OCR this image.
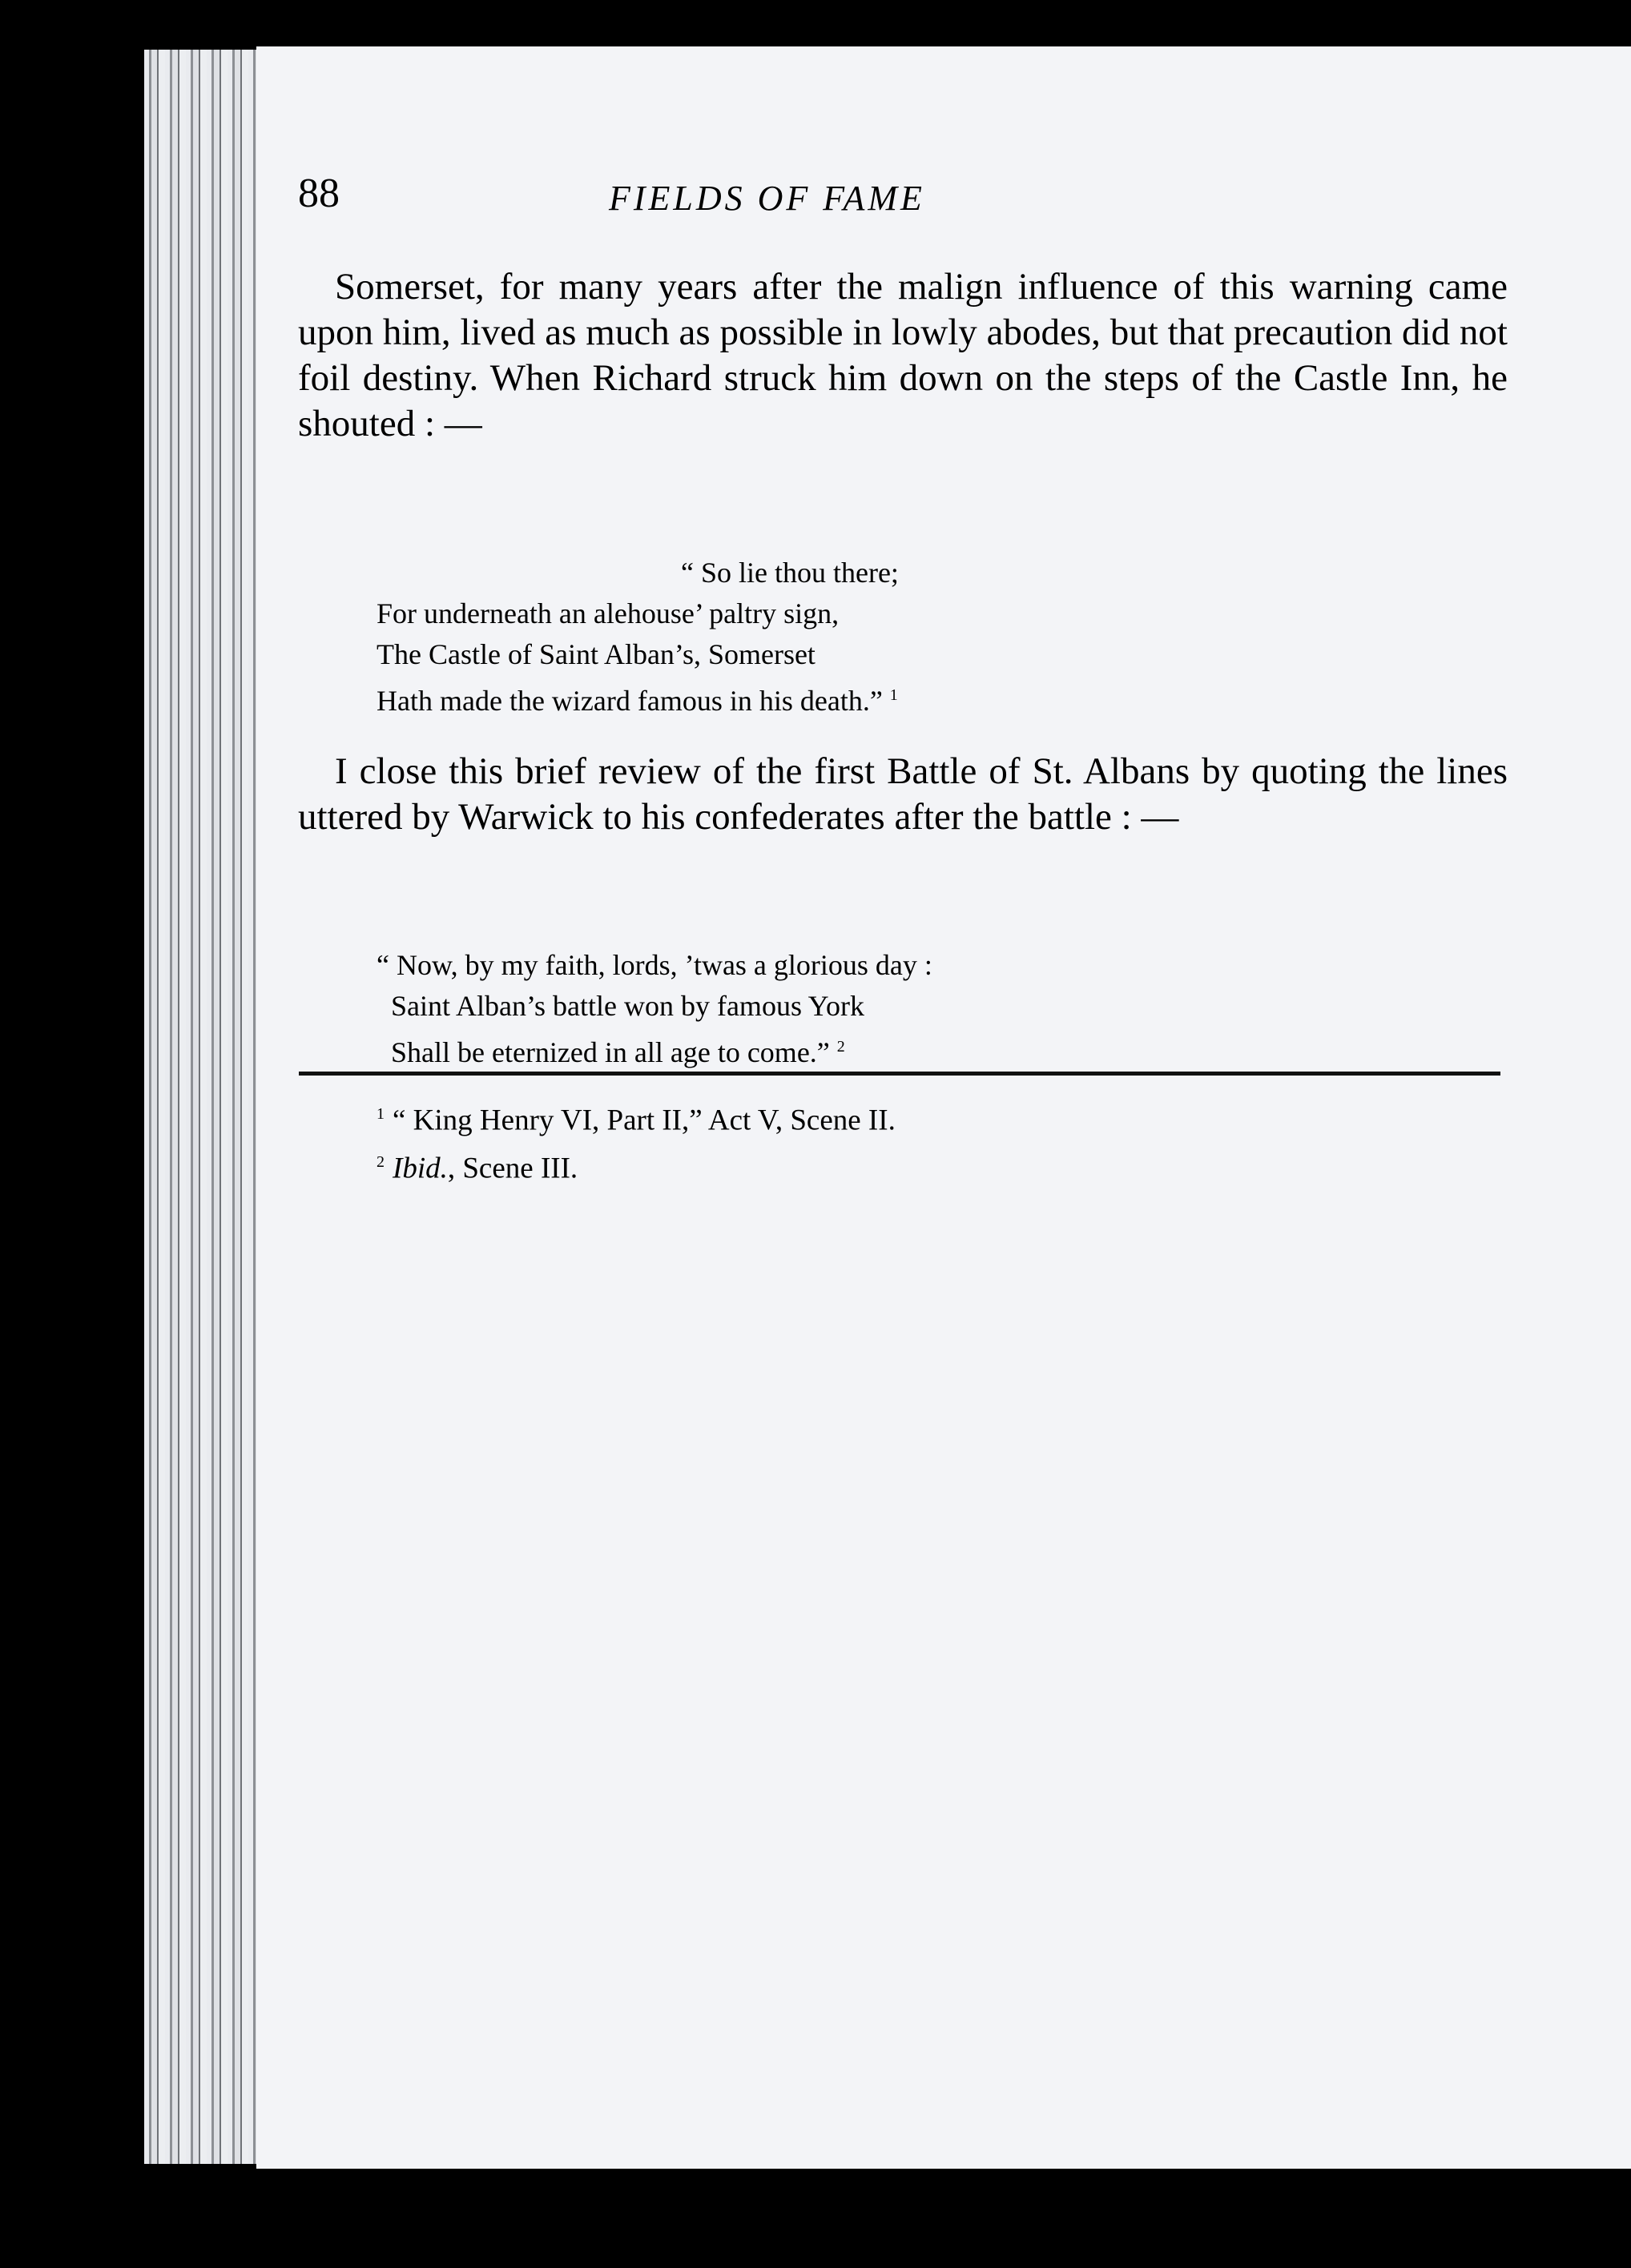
88	FIELDS OF FAME

Somerset, for many years after the malign influence of this warning came upon him, lived as much as possible in lowly abodes, but that precaution did not foil destiny. When Richard struck him down on the steps of the Castle Inn, he shouted : —

“ So lie thou there;
For underneath an alehouse’ paltry sign,
The Castle of Saint Alban’s, Somerset
Hath made the wizard famous in his death.” $^1$

I close this brief review of the first Battle of St. Albans by quoting the lines uttered by Warwick to his confederates after the battle : —

“ Now, by my faith, lords, ’twas a glorious day :
Saint Alban’s battle won by famous York
Shall be eternized in all age to come.” $^2$
$^1$ “ King Henry VI, Part II,” Act V, Scene II.
$^2$ Ibid., Scene III.
